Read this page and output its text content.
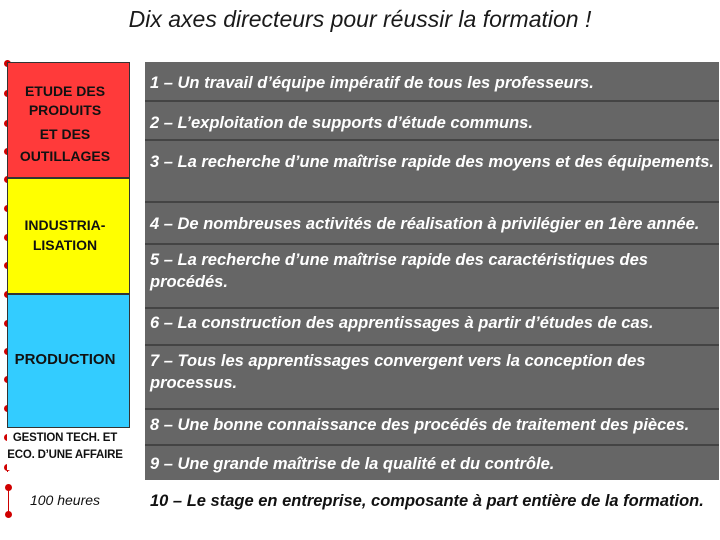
Dix axes directeurs pour réussir la formation !
ETUDE DES
PRODUITS
ET DES
OUTILLAGES
INDUSTRIA-
LISATION
PRODUCTION
GESTION TECH. ET
ECO. D’UNE AFFAIRE
100 heures
1 – Un travail d’équipe impératif de tous les professeurs.
2 – L’exploitation de supports d’étude communs.
3 – La recherche d’une maîtrise rapide des moyens et des équipements.
4 – De nombreuses activités de réalisation à privilégier en 1ère année.
5 – La recherche d’une maîtrise rapide des caractéristiques des procédés.
6 – La construction des apprentissages à partir d’études de cas.
7 – Tous les apprentissages convergent vers la conception des processus.
8 – Une bonne connaissance des procédés de traitement des pièces.
9 – Une grande maîtrise de la qualité et du contrôle.
10 – Le stage en entreprise, composante à part entière de la formation.
